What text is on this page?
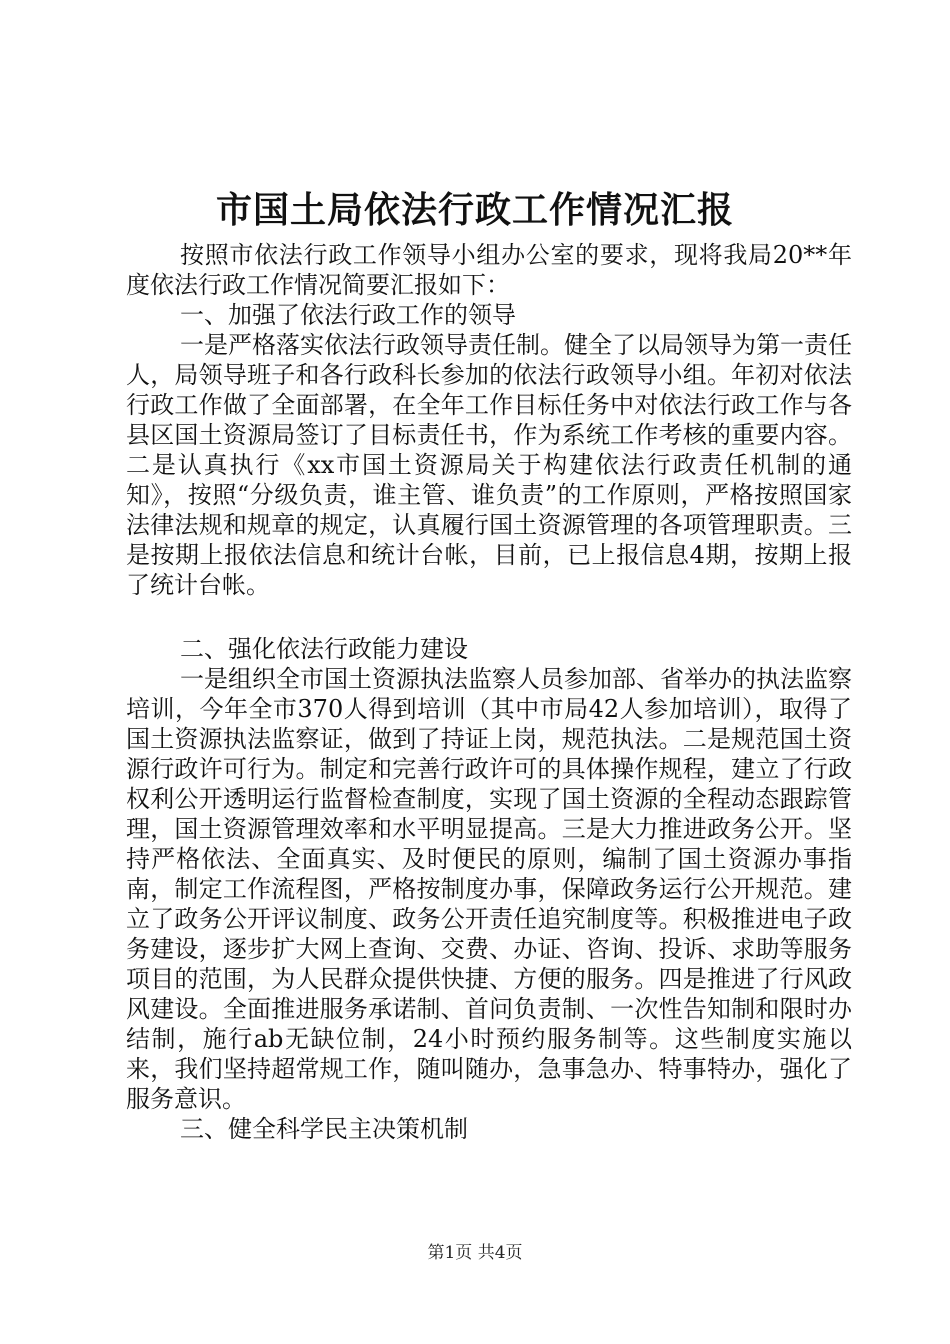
市国土局依法行政工作情况汇报

按照市依法行政工作领导小组办公室的要求，现将我局20**年度依法行政工作情况简要汇报如下：

一、加强了依法行政工作的领导

一是严格落实依法行政领导责任制。健全了以局领导为第一责任人，局领导班子和各行政科长参加的依法行政领导小组。年初对依法行政工作做了全面部署，在全年工作目标任务中对依法行政工作与各县区国土资源局签订了目标责任书，作为系统工作考核的重要内容。二是认真执行《xx市国土资源局关于构建依法行政责任机制的通知》，按照“分级负责，谁主管、谁负责”的工作原则，严格按照国家法律法规和规章的规定，认真履行国土资源管理的各项管理职责。三是按期上报依法信息和统计台帐，目前，已上报信息4期，按期上报了统计台帐。

二、强化依法行政能力建设

一是组织全市国土资源执法监察人员参加部、省举办的执法监察培训，今年全市370人得到培训（其中市局42人参加培训），取得了国土资源执法监察证，做到了持证上岗，规范执法。二是规范国土资源行政许可行为。制定和完善行政许可的具体操作规程，建立了行政权利公开透明运行监督检查制度，实现了国土资源的全程动态跟踪管理，国土资源管理效率和水平明显提高。三是大力推进政务公开。坚持严格依法、全面真实、及时便民的原则，编制了国土资源办事指南，制定工作流程图，严格按制度办事，保障政务运行公开规范。建立了政务公开评议制度、政务公开责任追究制度等。积极推进电子政务建设，逐步扩大网上查询、交费、办证、咨询、投诉、求助等服务项目的范围，为人民群众提供快捷、方便的服务。四是推进了行风政风建设。全面推进服务承诺制、首问负责制、一次性告知制和限时办结制，施行ab无缺位制，24小时预约服务制等。这些制度实施以来，我们坚持超常规工作，随叫随办，急事急办、特事特办，强化了服务意识。

三、健全科学民主决策机制

第1页 共4页
